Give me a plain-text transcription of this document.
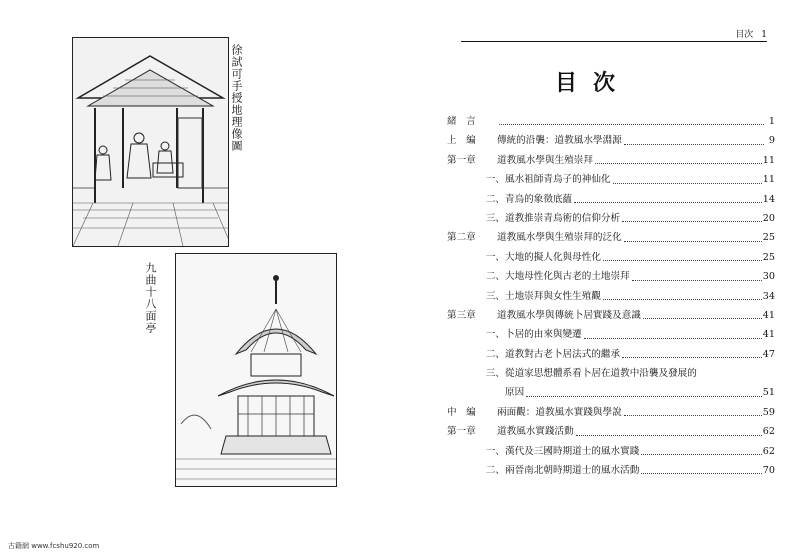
徐試可手授地理像圖
九曲十八面亭
古籍網 www.fcshu920.com
目次 1
目次
緒　言	1
上　編	傳統的沿襲：道教風水學淵源	9
第一章	道教風水學與生殖崇拜	11
一、 風水祖師青烏子的神仙化	11
二、 青烏的象徵底蘊	14
三、 道教推崇青烏術的信仰分析	20
第二章	道教風水學與生殖崇拜的泛化	25
一、 大地的擬人化與母性化	25
二、 大地母性化與古老的土地崇拜	30
三、 土地崇拜與女性生殖觀	34
第三章	道教風水學與傳統卜居實踐及意識	41
一、 卜居的由來與變遷	41
二、 道教對古老卜居法式的繼承	47
三、 從道家思想體系看卜居在道教中沿襲及發展的
原因	51
中　編	兩面觀：道教風水實踐與學說	59
第一章	道教風水實踐活動	62
一、 漢代及三國時期道士的風水實踐	62
二、 兩晉南北朝時期道士的風水活動	70
